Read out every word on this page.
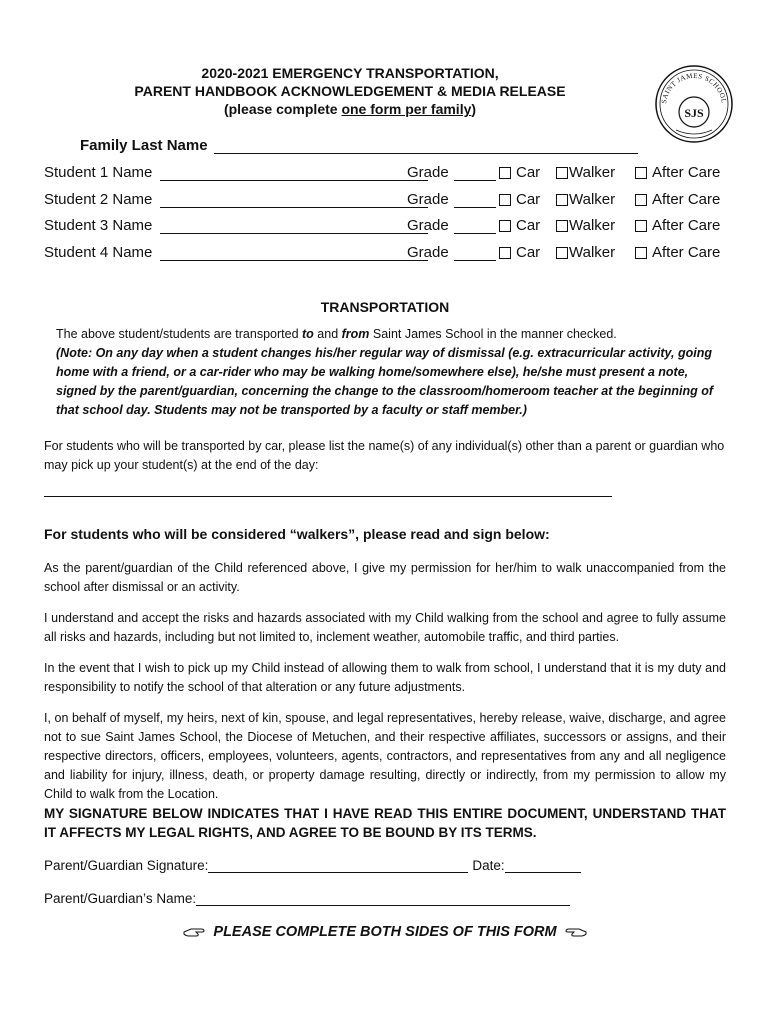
2020-2021 EMERGENCY TRANSPORTATION,
PARENT HANDBOOK ACKNOWLEDGEMENT & MEDIA RELEASE
(please complete one form per family)	SAINT JAMES SCHOOL
SJS
Family Last Name
Student 1 Name	Grade	Car Walker After Care
Student 2 Name	Grade	Car Walker After Care
Student 3 Name	Grade	Car Walker After Care
Student 4 Name	Grade	Car Walker After Care
TRANSPORTATION
The above student/students are transported to and from Saint James School in the manner checked.
(Note: On any day when a student changes his/her regular way of dismissal (e.g. extracurricular activity, going home with a friend, or a car-rider who may be walking home/somewhere else), he/she must present a note, signed by the parent/guardian, concerning the change to the classroom/homeroom teacher at the beginning of that school day. Students may not be transported by a faculty or staff member.)
For students who will be transported by car, please list the name(s) of any individual(s) other than a parent or guardian who may pick up your student(s) at the end of the day:
For students who will be considered “walkers”, please read and sign below:
As the parent/guardian of the Child referenced above, I give my permission for her/him to walk unaccompanied from the school after dismissal or an activity.
I understand and accept the risks and hazards associated with my Child walking from the school and agree to fully assume all risks and hazards, including but not limited to, inclement weather, automobile traffic, and third parties.
In the event that I wish to pick up my Child instead of allowing them to walk from school, I understand that it is my duty and responsibility to notify the school of that alteration or any future adjustments.
I, on behalf of myself, my heirs, next of kin, spouse, and legal representatives, hereby release, waive, discharge, and agree not to sue Saint James School, the Diocese of Metuchen, and their respective affiliates, successors or assigns, and their respective directors, officers, employees, volunteers, agents, contractors, and representatives from any and all negligence and liability for injury, illness, death, or property damage resulting, directly or indirectly, from my permission to allow my Child to walk from the Location.
MY SIGNATURE BELOW INDICATES THAT I HAVE READ THIS ENTIRE DOCUMENT, UNDERSTAND THAT IT AFFECTS MY LEGAL RIGHTS, AND AGREE TO BE BOUND BY ITS TERMS.
Parent/Guardian Signature:	Date:
Parent/Guardian’s Name:
PLEASE COMPLETE BOTH SIDES OF THIS FORM
